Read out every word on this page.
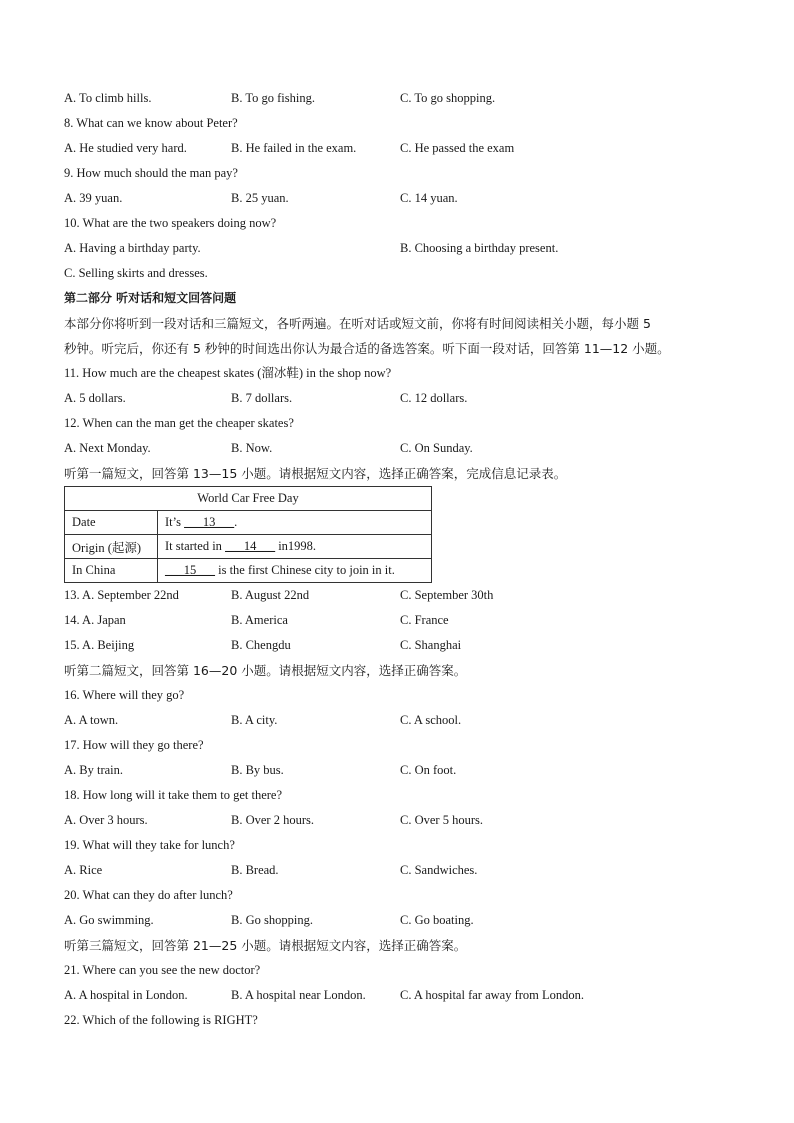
A. To climb hills.	B. To go fishing.	C. To go shopping.
8. What can we know about Peter?
A. He studied very hard.	B. He failed in the exam.	C. He passed the exam
9. How much should the man pay?
A. 39 yuan.	B. 25 yuan.	C. 14 yuan.
10. What are the two speakers doing now?
A. Having a birthday party.	B. Choosing a birthday present.
C. Selling skirts and dresses.
第二部分 听对话和短文回答问题
本部分你将听到一段对话和三篇短文，各听两遍。在听对话或短文前，你将有时间阅读相关小题，每小题 5
秒钟。听完后，你还有 5 秒钟的时间选出你认为最合适的备选答案。听下面一段对话，回答第 11—12 小题。
11. How much are the cheapest skates (溜冰鞋) in the shop now?
A. 5 dollars.	B. 7 dollars.	C. 12 dollars.
12. When can the man get the cheaper skates?
A. Next Monday.	B. Now.	C. On Sunday.
听第一篇短文，回答第 13—15 小题。请根据短文内容，选择正确答案，完成信息记录表。
World Car Free Day	
Date	It’s ___13___.
Origin (起源)	It started in ___14___ in1998.
In China	___15___ is the first Chinese city to join in it.
13. A. September 22nd	B. August 22nd	C. September 30th
14. A. Japan	B. America	C. France
15. A. Beijing	B. Chengdu	C. Shanghai
听第二篇短文，回答第 16—20 小题。请根据短文内容，选择正确答案。
16. Where will they go?
A. A town.	B. A city.	C. A school.
17. How will they go there?
A. By train.	B. By bus.	C. On foot.
18. How long will it take them to get there?
A. Over 3 hours.	B. Over 2 hours.	C. Over 5 hours.
19. What will they take for lunch?
A. Rice	B. Bread.	C. Sandwiches.
20. What can they do after lunch?
A. Go swimming.	B. Go shopping.	C. Go boating.
听第三篇短文，回答第 21—25 小题。请根据短文内容，选择正确答案。
21. Where can you see the new doctor?
A. A hospital in London.	B. A hospital near London.	C. A hospital far away from London.
22. Which of the following is RIGHT?
